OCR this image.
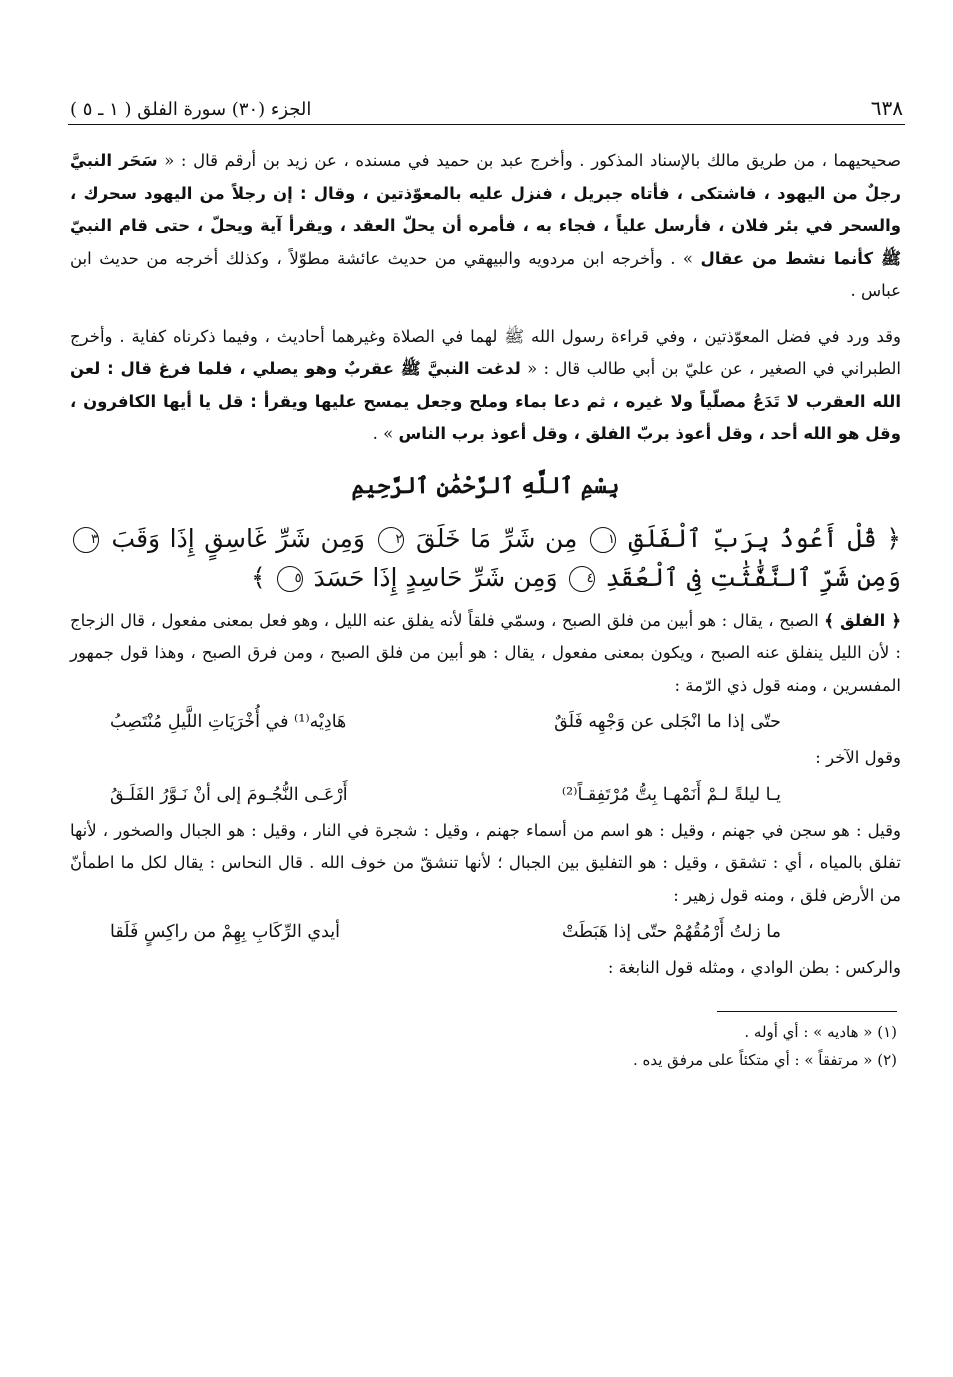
٦٣٨
الجزء (٣٠) سورة الفلق ( ١ ـ ٥ )

صحيحيهما ، من طريق مالك بالإسناد المذكور . وأخرج عبد بن حميد في مسنده ، عن زيد بن أرقم قال : « سَحَر النبيَّ رجلٌ من اليهود ، فاشتكى ، فأتاه جبريل ، فنزل عليه بالمعوّذتين ، وقال : إن رجلاً من اليهود سحرك ، والسحر في بئر فلان ، فأرسل علياً ، فجاء به ، فأمره أن يحلّ العقد ، ويقرأ آية ويحلّ ، حتى قام النبيّ ﷺ كأنما نشط من عقال » . وأخرجه ابن مردويه والبيهقي من حديث عائشة مطوّلاً ، وكذلك أخرجه من حديث ابن عباس .

وقد ورد في فضل المعوّذتين ، وفي قراءة رسول الله ﷺ لهما في الصلاة وغيرهما أحاديث ، وفيما ذكرناه كفاية . وأخرج الطبراني في الصغير ، عن عليّ بن أبي طالب قال : « لدغت النبيَّ ﷺ عقربٌ وهو يصلي ، فلما فرغ قال : لعن الله العقرب لا تَدَعُ مصلّياً ولا غيره ، ثم دعا بماء وملح وجعل يمسح عليها ويقرأ : قل يا أيها الكافرون ، وقل هو الله أحد ، وقل أعوذ بربّ الفلق ، وقل أعوذ برب الناس » .

بِسْمِ ٱللَّهِ ٱلرَّحْمَٰنِ ٱلرَّحِيمِ
﴿ قُلْ أَعُوذُ بِرَبِّ ٱلْفَلَقِ ١ مِن شَرِّ مَا خَلَقَ ٢ وَمِن شَرِّ غَاسِقٍ إِذَا وَقَبَ ٣ وَمِن شَرِّ ٱلنَّفَّٰثَٰتِ فِى ٱلْعُقَدِ ٤ وَمِن شَرِّ حَاسِدٍ إِذَا حَسَدَ ٥ ﴾

﴿ الفلق ﴾ الصبح ، يقال : هو أبين من فلق الصبح ، وسمّي فلقاً لأنه يفلق عنه الليل ، وهو فعل بمعنى مفعول ، قال الزجاج : لأن الليل ينفلق عنه الصبح ، ويكون بمعنى مفعول ، يقال : هو أبين من فلق الصبح ، ومن فرق الصبح ، وهذا قول جمهور المفسرين ، ومنه قول ذي الرّمة :

حتّى إذا ما انْجَلى عن وَجْهِه فَلَقٌ
هَادِيْه⁽¹⁾ في أُخْرَيَاتِ اللَّيلِ مُنْتَصِبُ

وقول الآخر :

يـا ليلةً لـمْ أَنَمْهـا بِتُّ مُرْتَفِقـاً⁽²⁾
أَرْعَـى النُّجُـومَ إلى أنْ نَـوَّرُ الفَلَـقُ

وقيل : هو سجن في جهنم ، وقيل : هو اسم من أسماء جهنم ، وقيل : شجرة في النار ، وقيل : هو الجبال والصخور ، لأنها تفلق بالمياه ، أي : تشقق ، وقيل : هو التفليق بين الجبال ؛ لأنها تنشقّ من خوف الله . قال النحاس : يقال لكل ما اطمأنّ من الأرض فلق ، ومنه قول زهير :

ما زلتُ أَرْمُقُهُمْ حتّى إذا هَبَطَتْ
أيدي الرِّكَابِ بِهِمْ من راكِسٍ فَلَقا

والركس : بطن الوادي ، ومثله قول النابغة :

(١) « هاديه » : أي أوله .
(٢) « مرتفقاً » : أي متكئاً على مرفق يده .
